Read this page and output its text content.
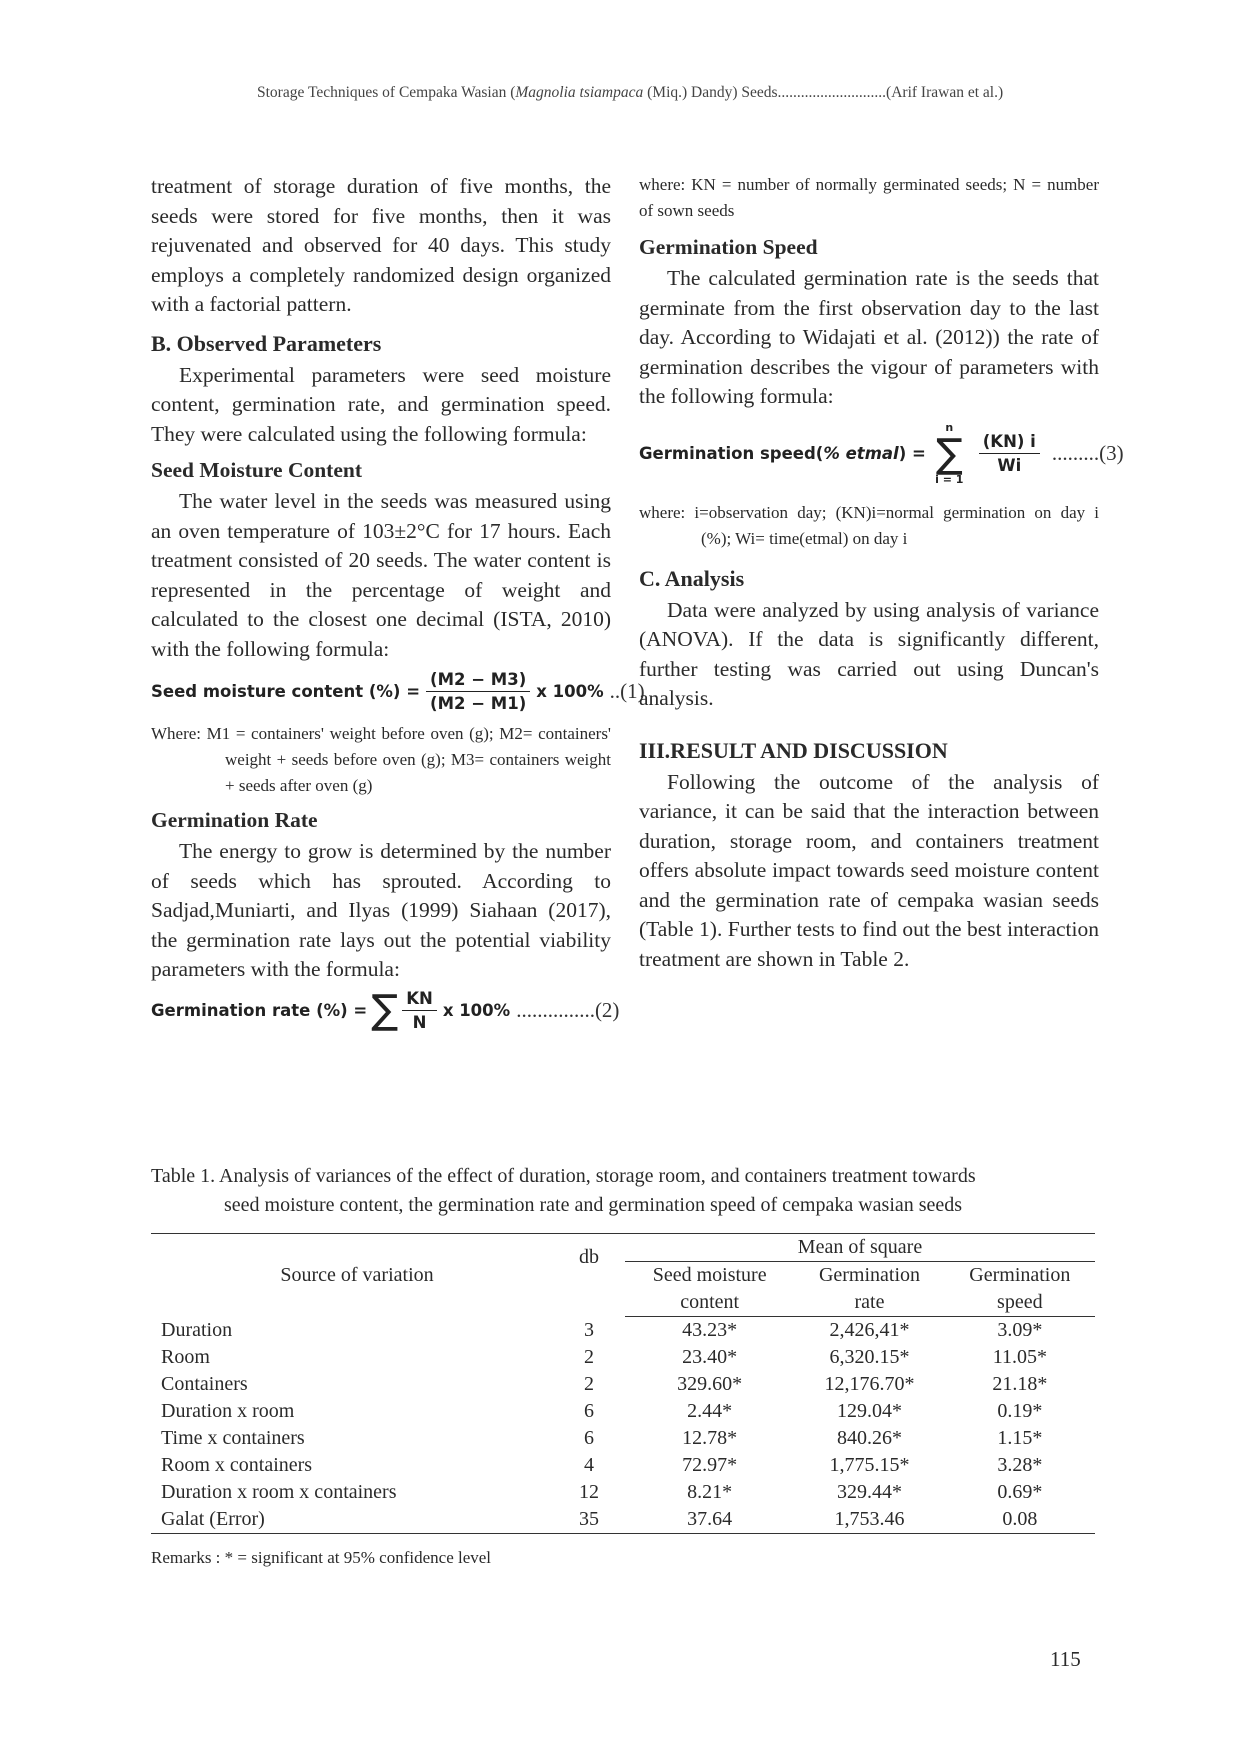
Storage Techniques of Cempaka Wasian (Magnolia tsiampaca (Miq.) Dandy) Seeds............................(Arif Irawan et al.)

treatment of storage duration of five months, the seeds were stored for five months, then it was rejuvenated and observed for 40 days. This study employs a completely randomized design organized with a factorial pattern.

B. Observed Parameters

Experimental parameters were seed moisture content, germination rate, and germination speed. They were calculated using the following formula:

Seed Moisture Content

The water level in the seeds was measured using an oven temperature of 103±2°C for 17 hours. Each treatment consisted of 20 seeds. The water content is represented in the percentage of weight and calculated to the closest one decimal (ISTA, 2010) with the following formula:

Seed moisture content (%) = $\frac{(M2 - M3)}{(M2 - M1)}$ x 100% ..(1)
Where: M1 = containers' weight before oven (g); M2= containers' weight + seeds before oven (g); M3= containers weight + seeds after oven (g)
Germination Rate

The energy to grow is determined by the number of seeds which has sprouted. According to Sadjad,Muniarti, and Ilyas (1999) Siahaan (2017), the germination rate lays out the potential viability parameters with the formula:

Germination rate (%) = ∑ $\frac{KN}{N}$ x 100% ...............(2)
where: KN = number of normally germinated seeds; N = number of sown seeds
Germination Speed

The calculated germination rate is the seeds that germinate from the first observation day to the last day. According to Widajati et al. (2012)) the rate of germination describes the vigour of parameters with the following formula:

Germination speed( % etmal ) =
n
∑
i = 1
$\frac{(KN) i}{Wi} .........(3)$
where: i=observation day; (KN)i=normal germination on day i (%); Wi= time(etmal) on day i
C. Analysis

Data were analyzed by using analysis of variance (ANOVA). If the data is significantly different, further testing was carried out using Duncan's analysis.

III.RESULT AND DISCUSSION

Following the outcome of the analysis of variance, it can be said that the interaction between duration, storage room, and containers treatment offers absolute impact towards seed moisture content and the germination rate of cempaka wasian seeds (Table 1). Further tests to find out the best interaction treatment are shown in Table 2.

Table 1. Analysis of variances of the effect of duration, storage room, and containers treatment towards
seed moisture content, the germination rate and germination speed of cempaka wasian seeds
Source of variation	db	Mean of square		
		Seed moisture	Germination	Germination
		content	rate	speed
Duration	3	43.23*	2,426,41*	3.09*
Room	2	23.40*	6,320.15*	11.05*
Containers	2	329.60*	12,176.70*	21.18*
Duration x room	6	2.44*	129.04*	0.19*
Time x containers	6	12.78*	840.26*	1.15*
Room x containers	4	72.97*	1,775.15*	3.28*
Duration x room x containers	12	8.21*	329.44*	0.69*
Galat (Error)	35	37.64	1,753.46	0.08
Remarks : * = significant at 95% confidence level
115
